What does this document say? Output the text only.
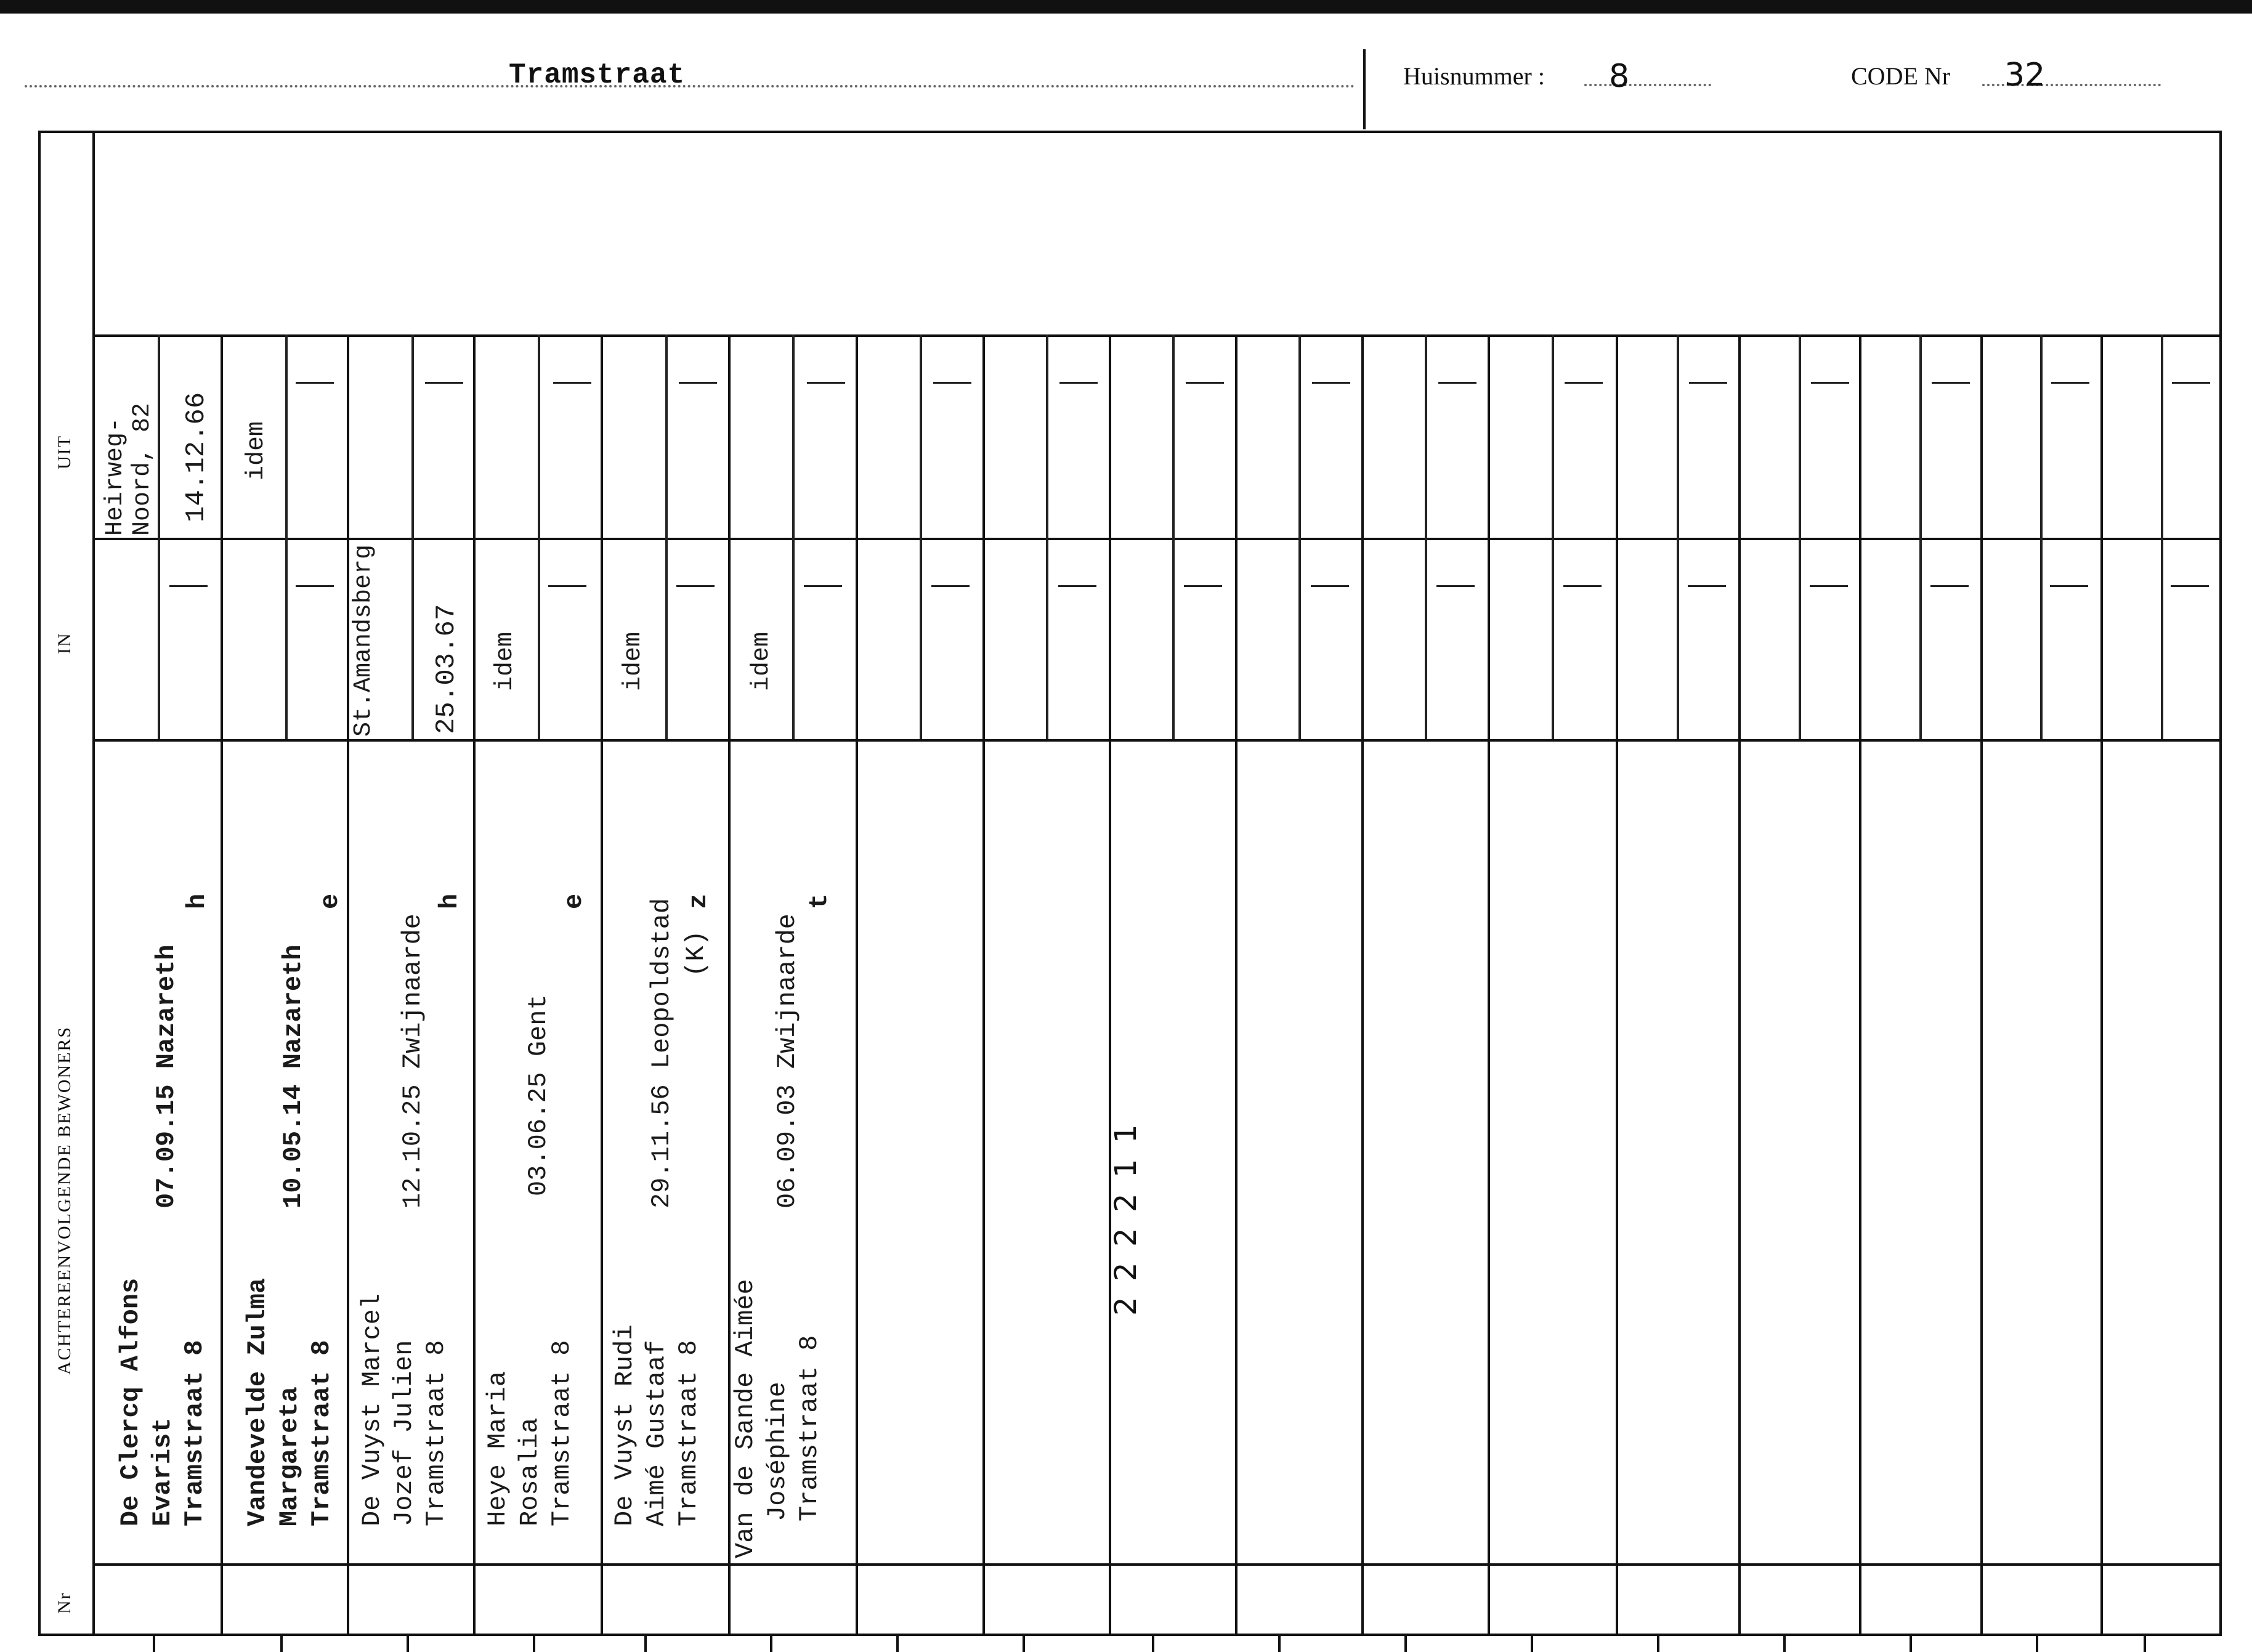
Tramstraat	Huisnummer : 8	CODE Nr 32
UIT
IN
ACHTEREENVOLGENDE BEWONERS
Nr
Heirweg- Noord, 82 14.12.66
De Clercq Alfons Evarist Tramstraat 8
07.09.15 Nazareth
h
1
idem
Vandevelde Zulma Margareta Tramstraat 8
10.05.14 Nazareth
e
1
St.Amandsberg 25.03.67
De Vuyst Marcel Jozef Julien Tramstraat 8
12.10.25 Zwijnaarde
h
2
idem
Heye Maria Rosalia Tramstraat 8
03.06.25 Gent
e
2
idem
De Vuyst Rudi Aimé Gustaaf Tramstraat 8
29.11.56 Leopoldstad (K)
z
2
idem
Van de Sande Aimée Joséphine Tramstraat 8
06.09.03 Zwijnaarde
t
2
